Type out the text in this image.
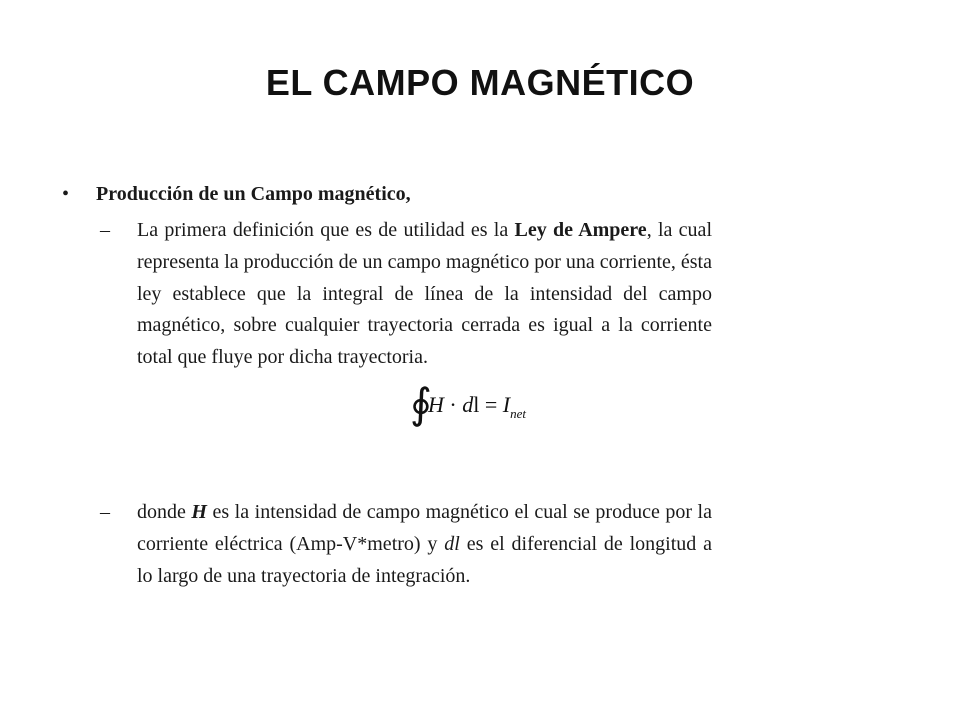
EL CAMPO MAGNÉTICO
• Producción de un Campo magnético,
– La primera definición que es de utilidad es la Ley de Ampere, la cual representa la producción de un campo magnético por una corriente, ésta ley establece que la integral de línea de la intensidad del campo magnético, sobre cualquier trayectoria cerrada es igual a la corriente total que fluye por dicha trayectoria.
∮
H · dl = $I_{net}$
– donde H es la intensidad de campo magnético el cual se produce por la corriente eléctrica (Amp-V*metro) y dl es el diferencial de longitud a lo largo de una trayectoria de integración.
